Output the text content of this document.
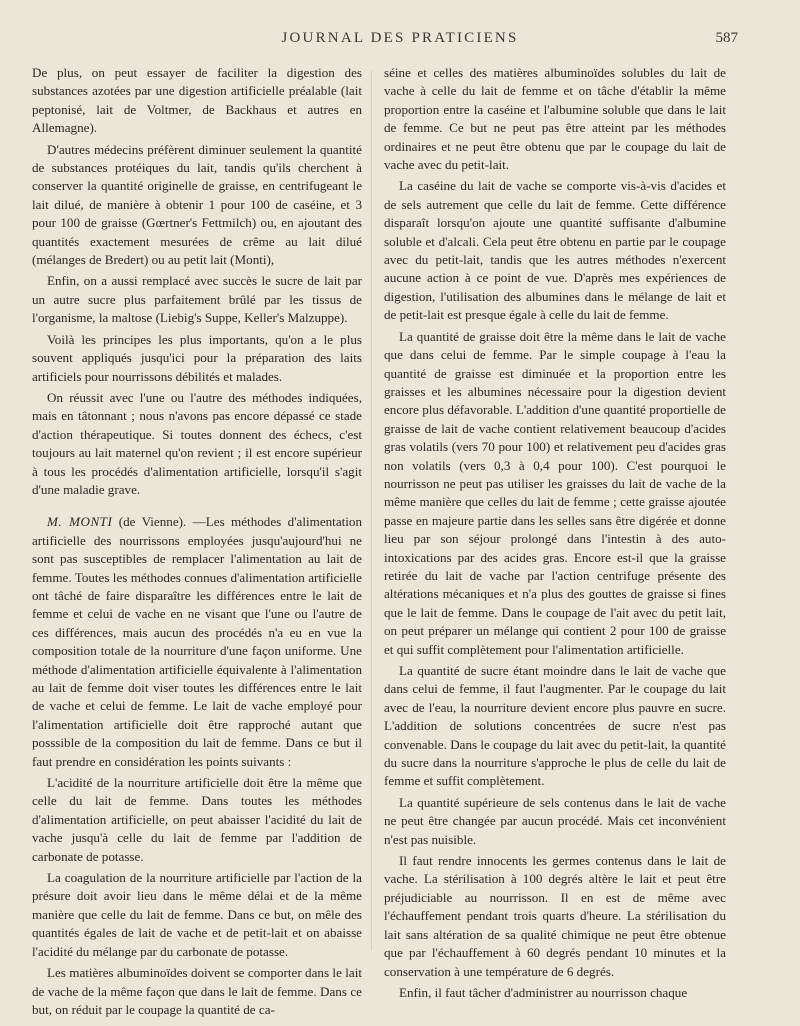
JOURNAL DES PRATICIENS	587

De plus, on peut essayer de faciliter la digestion des substances azotées par une digestion artificielle préalable (lait peptonisé, lait de Voltmer, de Backhaus et autres en Allemagne).

D'autres médecins préfèrent diminuer seulement la quantité de substances protéiques du lait, tandis qu'ils cherchent à conserver la quantité originelle de graisse, en centrifugeant le lait dilué, de manière à obtenir 1 pour 100 de caséine, et 3 pour 100 de graisse (Gœrtner's Fettmilch) ou, en ajoutant des quantités exactement mesurées de crême au lait dilué (mélanges de Bredert) ou au petit lait (Monti),

Enfin, on a aussi remplacé avec succès le sucre de lait par un autre sucre plus parfaitement brûlé par les tissus de l'organisme, la maltose (Liebig's Suppe, Keller's Malzuppe).

Voilà les principes les plus importants, qu'on a le plus souvent appliqués jusqu'ici pour la préparation des laits artificiels pour nourrissons débilités et malades.

On réussit avec l'une ou l'autre des méthodes indiquées, mais en tâtonnant ; nous n'avons pas encore dépassé ce stade d'action thérapeutique. Si toutes donnent des échecs, c'est toujours au lait maternel qu'on revient ; il est encore supérieur à tous les procédés d'alimentation artificielle, lorsqu'il s'agit d'une maladie grave.

M. MONTI (de Vienne). —Les méthodes d'alimentation artificielle des nourrissons employées jusqu'aujourd'hui ne sont pas susceptibles de remplacer l'alimentation au lait de femme. Toutes les méthodes connues d'alimentation artificielle ont tâché de faire disparaître les différences entre le lait de femme et celui de vache en ne visant que l'une ou l'autre de ces différences, mais aucun des procédés n'a eu en vue la composition totale de la nourriture d'une façon uniforme. Une méthode d'alimentation artificielle équivalente à l'alimentation au lait de femme doit viser toutes les différences entre le lait de vache et celui de femme. Le lait de vache employé pour l'alimentation artificielle doit être rapproché autant que posssible de la composition du lait de femme. Dans ce but il faut prendre en considération les points suivants :

L'acidité de la nourriture artificielle doit être la même que celle du lait de femme. Dans toutes les méthodes d'alimentation artificielle, on peut abaisser l'acidité du lait de vache jusqu'à celle du lait de femme par l'addition de carbonate de potasse.

La coagulation de la nourriture artificielle par l'action de la présure doit avoir lieu dans le même délai et de la même manière que celle du lait de femme. Dans ce but, on mêle des quantités égales de lait de vache et de petit-lait et on abaisse l'acidité du mélange par du carbonate de potasse.

Les matières albuminoïdes doivent se comporter dans le lait de vache de la même façon que dans le lait de femme. Dans ce but, on réduit par le coupage la quantité de ca-

séine et celles des matières albuminoïdes solubles du lait de vache à celle du lait de femme et on tâche d'établir la même proportion entre la caséine et l'albumine soluble que dans le lait de femme. Ce but ne peut pas être atteint par les méthodes ordinaires et ne peut être obtenu que par le coupage du lait de vache avec du petit-lait.

La caséine du lait de vache se comporte vis-à-vis d'acides et de sels autrement que celle du lait de femme. Cette différence disparaît lorsqu'on ajoute une quantité suffisante d'albumine soluble et d'alcali. Cela peut être obtenu en partie par le coupage avec du petit-lait, tandis que les autres méthodes n'exercent aucune action à ce point de vue. D'après mes expériences de digestion, l'utilisation des albumines dans le mélange de lait et de petit-lait est presque égale à celle du lait de femme.

La quantité de graisse doit être la même dans le lait de vache que dans celui de femme. Par le simple coupage à l'eau la quantité de graisse est diminuée et la proportion entre les graisses et les albumines nécessaire pour la digestion devient encore plus défavorable. L'addition d'une quantité proportielle de graisse de lait de vache contient relativement beaucoup d'acides gras volatils (vers 70 pour 100) et relativement peu d'acides gras non volatils (vers 0,3 à 0,4 pour 100). C'est pourquoi le nourrisson ne peut pas utiliser les graisses du lait de vache de la même manière que celles du lait de femme ; cette graisse ajoutée passe en majeure partie dans les selles sans être digérée et donne lieu par son séjour prolongé dans l'intestin à des auto-intoxications par des acides gras. Encore est-il que la graisse retirée du lait de vache par l'action centrifuge présente des altérations mécaniques et n'a plus des gouttes de graisse si fines que le lait de femme. Dans le coupage de l'ait avec du petit lait, on peut préparer un mélange qui contient 2 pour 100 de graisse et qui suffit complètement pour l'alimentation artificielle.

La quantité de sucre étant moindre dans le lait de vache que dans celui de femme, il faut l'augmenter. Par le coupage du lait avec de l'eau, la nourriture devient encore plus pauvre en sucre. L'addition de solutions concentrées de sucre n'est pas convenable. Dans le coupage du lait avec du petit-lait, la quantité du sucre dans la nourriture s'approche le plus de celle du lait de femme et suffit complètement.

La quantité supérieure de sels contenus dans le lait de vache ne peut être changée par aucun procédé. Mais cet inconvénient n'est pas nuisible.

Il faut rendre innocents les germes contenus dans le lait de vache. La stérilisation à 100 degrés altère le lait et peut être préjudiciable au nourrisson. Il en est de même avec l'échauffement pendant trois quarts d'heure. La stérilisation du lait sans altération de sa qualité chimique ne peut être obtenue que par l'échauffement à 60 degrés pendant 10 minutes et la conservation à une température de 6 degrés.

Enfin, il faut tâcher d'administrer au nourrisson chaque
